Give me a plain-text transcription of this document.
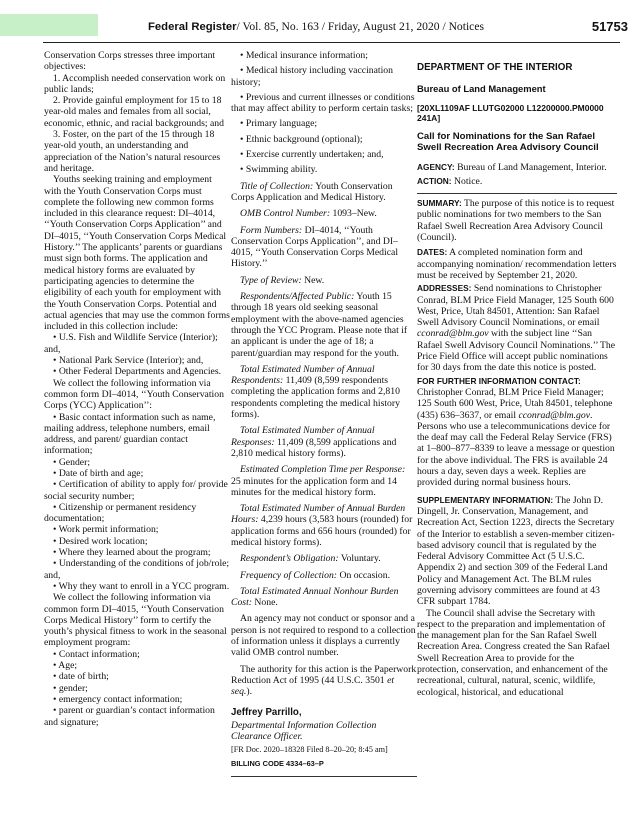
Federal Register/ Vol. 85, No. 163 / Friday, August 21, 2020 / Notices	51753

Conservation Corps stresses three important objectives:

1. Accomplish needed conservation work on public lands;

2. Provide gainful employment for 15 to 18 year-old males and females from all social, economic, ethnic, and racial backgrounds; and

3. Foster, on the part of the 15 through 18 year-old youth, an understanding and appreciation of the Nation’s natural resources and heritage.

Youths seeking training and employment with the Youth Conservation Corps must complete the following new common forms included in this clearance request: DI–4014, ‘‘Youth Conservation Corps Application’’ and DI–4015, ‘‘Youth Conservation Corps Medical History.’’ The applicants’ parents or guardians must sign both forms. The application and medical history forms are evaluated by participating agencies to determine the eligibility of each youth for employment with the Youth Conservation Corps. Potential and actual agencies that may use the common forms included in this collection include:

• U.S. Fish and Wildlife Service (Interior); and,

• National Park Service (Interior); and,

• Other Federal Departments and Agencies.

We collect the following information via common form DI–4014, ‘‘Youth Conservation Corps (YCC) Application’’:

• Basic contact information such as name, mailing address, telephone numbers, email address, and parent/ guardian contact information;

• Gender;

• Date of birth and age;

• Certification of ability to apply for/ provide social security number;

• Citizenship or permanent residency documentation;

• Work permit information;

• Desired work location;

• Where they learned about the program;

• Understanding of the conditions of job/role; and,

• Why they want to enroll in a YCC program.

We collect the following information via common form DI–4015, ‘‘Youth Conservation Corps Medical History’’ form to certify the youth’s physical fitness to work in the seasonal employment program:

• Contact information;

• Age;

• date of birth;

• gender;

• emergency contact information;

• parent or guardian’s contact information and signature;

• Medical insurance information;

• Medical history including vaccination history;

• Previous and current illnesses or conditions that may affect ability to perform certain tasks;

• Primary language;

• Ethnic background (optional);

• Exercise currently undertaken; and,

• Swimming ability.

Title of Collection: Youth Conservation Corps Application and Medical History.

OMB Control Number: 1093–New.

Form Numbers: DI–4014, ‘‘Youth Conservation Corps Application’’, and DI–4015, ‘‘Youth Conservation Corps Medical History.’’

Type of Review: New.

Respondents/Affected Public: Youth 15 through 18 years old seeking seasonal employment with the above-named agencies through the YCC Program. Please note that if an applicant is under the age of 18; a parent/guardian may respond for the youth.

Total Estimated Number of Annual Respondents: 11,409 (8,599 respondents completing the application forms and 2,810 respondents completing the medical history forms).

Total Estimated Number of Annual Responses: 11,409 (8,599 applications and 2,810 medical history forms).

Estimated Completion Time per Response: 25 minutes for the application form and 14 minutes for the medical history form.

Total Estimated Number of Annual Burden Hours: 4,239 hours (3,583 hours (rounded) for application forms and 656 hours (rounded) for medical history forms).

Respondent’s Obligation: Voluntary.

Frequency of Collection: On occasion.

Total Estimated Annual Nonhour Burden Cost: None.

An agency may not conduct or sponsor and a person is not required to respond to a collection of information unless it displays a currently valid OMB control number.

The authority for this action is the Paperwork Reduction Act of 1995 (44 U.S.C. 3501 et seq.).

Jeffrey Parrillo,

Departmental Information Collection Clearance Officer.

[FR Doc. 2020–18328 Filed 8–20–20; 8:45 am]

BILLING CODE 4334–63–P

DEPARTMENT OF THE INTERIOR

Bureau of Land Management

[20XL1109AF LLUTG02000 L12200000.PM0000 241A]

Call for Nominations for the San Rafael Swell Recreation Area Advisory Council

AGENCY: Bureau of Land Management, Interior.

ACTION: Notice.

SUMMARY: The purpose of this notice is to request public nominations for two members to the San Rafael Swell Recreation Area Advisory Council (Council).

DATES: A completed nomination form and accompanying nomination/ recommendation letters must be received by September 21, 2020.

ADDRESSES: Send nominations to Christopher Conrad, BLM Price Field Manager, 125 South 600 West, Price, Utah 84501, Attention: San Rafael Swell Advisory Council Nominations, or email cconrad@blm.gov with the subject line ‘‘San Rafael Swell Advisory Council Nominations.’’ The Price Field Office will accept public nominations for 30 days from the date this notice is posted.

FOR FURTHER INFORMATION CONTACT: Christopher Conrad, BLM Price Field Manager; 125 South 600 West, Price, Utah 84501, telephone (435) 636–3637, or email cconrad@blm.gov. Persons who use a telecommunications device for the deaf may call the Federal Relay Service (FRS) at 1–800–877–8339 to leave a message or question for the above individual. The FRS is available 24 hours a day, seven days a week. Replies are provided during normal business hours.

SUPPLEMENTARY INFORMATION: The John D. Dingell, Jr. Conservation, Management, and Recreation Act, Section 1223, directs the Secretary of the Interior to establish a seven-member citizen-based advisory council that is regulated by the Federal Advisory Committee Act (5 U.S.C. Appendix 2) and section 309 of the Federal Land Policy and Management Act. The BLM rules governing advisory committees are found at 43 CFR subpart 1784.

The Council shall advise the Secretary with respect to the preparation and implementation of the management plan for the San Rafael Swell Recreation Area. Congress created the San Rafael Swell Recreation Area to provide for the protection, conservation, and enhancement of the recreational, cultural, natural, scenic, wildlife, ecological, historical, and educational
